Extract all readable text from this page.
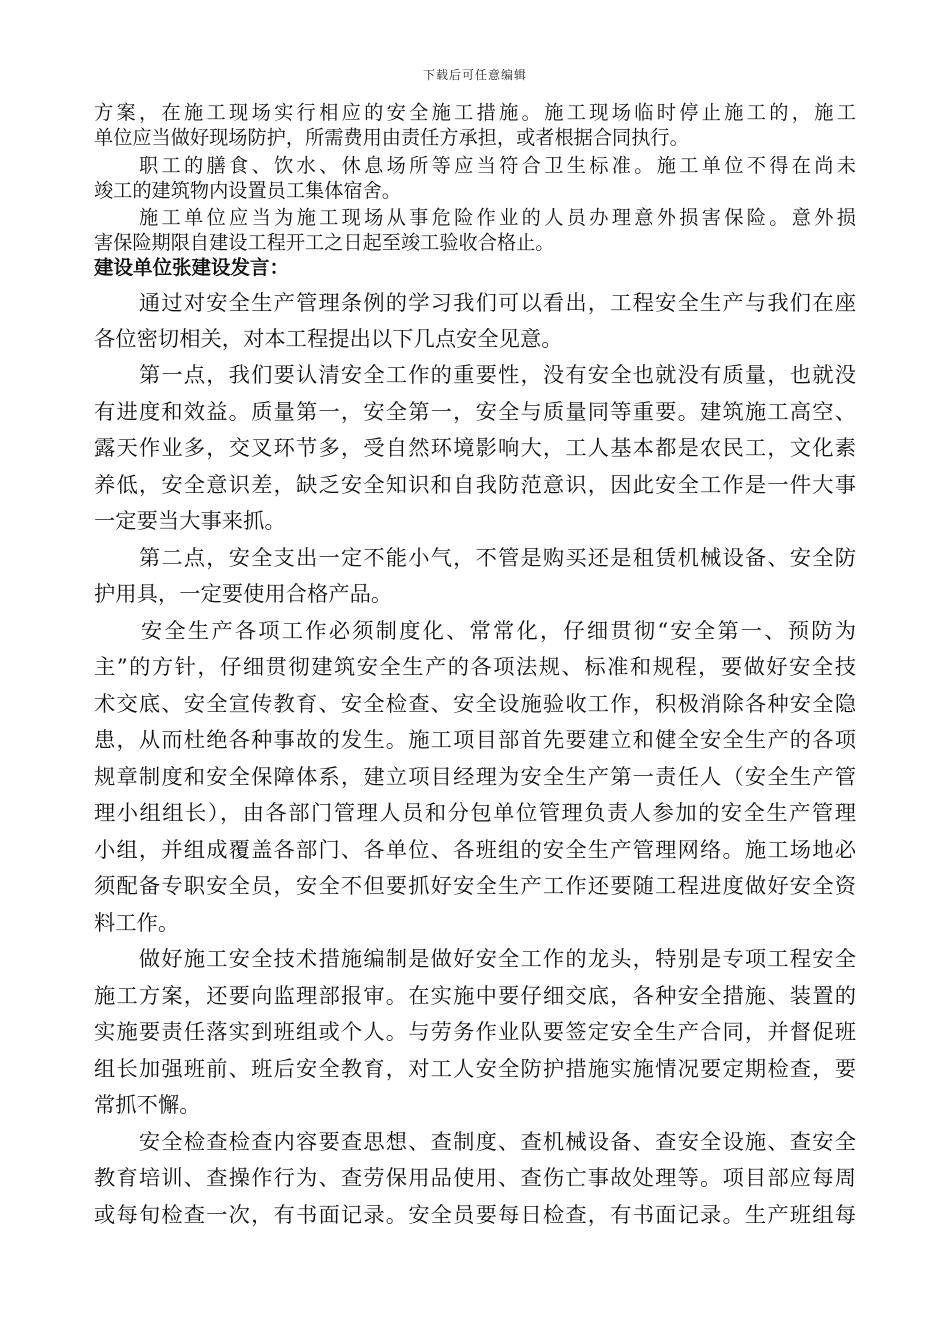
下载后可任意编辑
方案，在施工现场实行相应的安全施工措施。施工现场临时停止施工的，施工
单位应当做好现场防护，所需费用由责任方承担，或者根据合同执行。
　　职工的膳食、饮水、休息场所等应当符合卫生标准。施工单位不得在尚未
竣工的建筑物内设置员工集体宿舍。
　　施工单位应当为施工现场从事危险作业的人员办理意外损害保险。意外损
害保险期限自建设工程开工之日起至竣工验收合格止。
建设单位张建设发言：
　　通过对安全生产管理条例的学习我们可以看出，工程安全生产与我们在座
各位密切相关，对本工程提出以下几点安全见意。
　　第一点，我们要认清安全工作的重要性，没有安全也就没有质量，也就没
有进度和效益。质量第一，安全第一，安全与质量同等重要。建筑施工高空、
露天作业多，交叉环节多，受自然环境影响大，工人基本都是农民工，文化素
养低，安全意识差，缺乏安全知识和自我防范意识，因此安全工作是一件大事
一定要当大事来抓。
　　第二点，安全支出一定不能小气，不管是购买还是租赁机械设备、安全防
护用具，一定要使用合格产品。
　　安全生产各项工作必须制度化、常常化，仔细贯彻“安全第一、预防为
主”的方针，仔细贯彻建筑安全生产的各项法规、标准和规程，要做好安全技
术交底、安全宣传教育、安全检查、安全设施验收工作，积极消除各种安全隐
患，从而杜绝各种事故的发生。施工项目部首先要建立和健全安全生产的各项
规章制度和安全保障体系，建立项目经理为安全生产第一责任人（安全生产管
理小组组长），由各部门管理人员和分包单位管理负责人参加的安全生产管理
小组，并组成覆盖各部门、各单位、各班组的安全生产管理网络。施工场地必
须配备专职安全员，安全不但要抓好安全生产工作还要随工程进度做好安全资
料工作。
　　做好施工安全技术措施编制是做好安全工作的龙头，特别是专项工程安全
施工方案，还要向监理部报审。在实施中要仔细交底，各种安全措施、装置的
实施要责任落实到班组或个人。与劳务作业队要签定安全生产合同，并督促班
组长加强班前、班后安全教育，对工人安全防护措施实施情况要定期检查，要
常抓不懈。
　　安全检查检查内容要查思想、查制度、查机械设备、查安全设施、查安全
教育培训、查操作行为、查劳保用品使用、查伤亡事故处理等。项目部应每周
或每旬检查一次，有书面记录。安全员要每日检查，有书面记录。生产班组每
